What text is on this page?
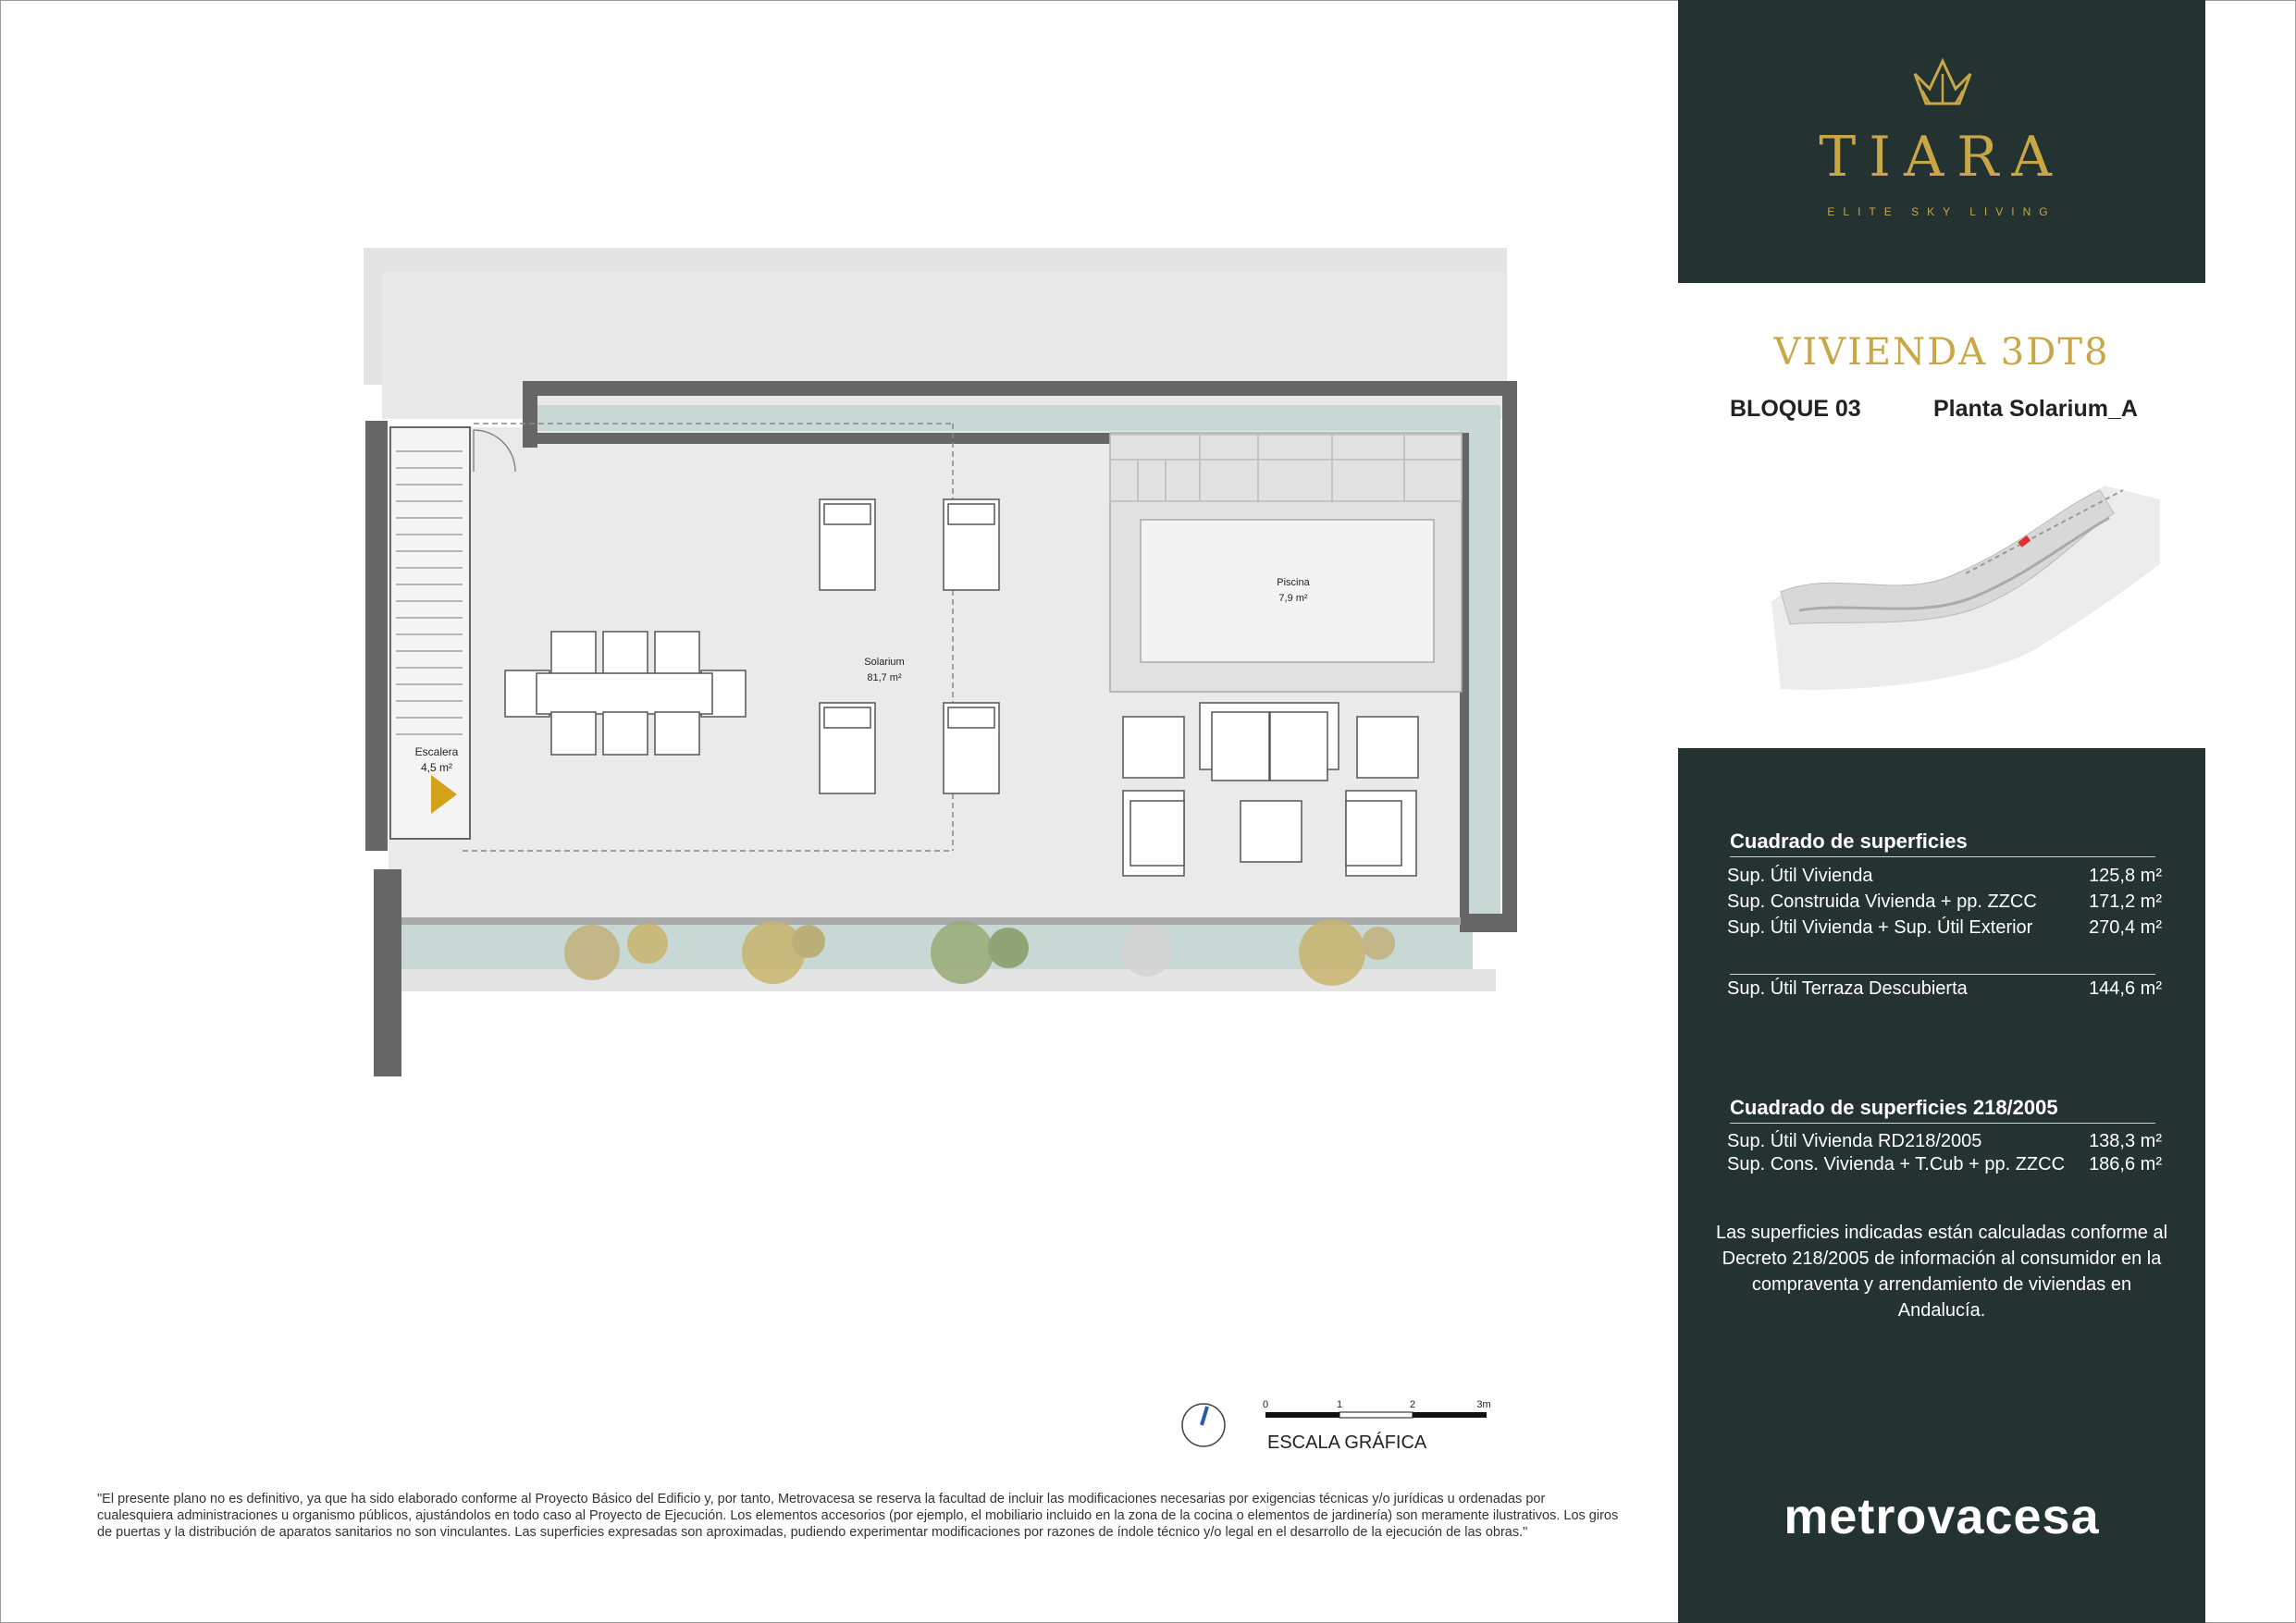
Escalera
4,5 m²
Piscina
7,9 m²
Solarium
81,7 m²
TIARA
ELITE SKY LIVING
VIVIENDA 3DT8
BLOQUE 03	Planta Solarium_A
Cuadrado de superficies
Sup. Útil Vivienda	125,8 m²
Sup. Construida Vivienda + pp. ZZCC	171,2 m²
Sup. Útil Vivienda + Sup. Útil Exterior	270,4 m²
Sup. Útil Terraza Descubierta	144,6 m²
Cuadrado de superficies 218/2005
Sup. Útil Vivienda RD218/2005	138,3 m²
Sup. Cons. Vivienda + T.Cub + pp. ZZCC 186,6 m²
Las superficies indicadas están calculadas conforme al Decreto 218/2005 de información al consumidor en la compraventa y arrendamiento de viviendas en Andalucía.
metrovacesa
0	1	2	3m
ESCALA GRÁFICA
"El presente plano no es definitivo, ya que ha sido elaborado conforme al Proyecto Básico del Edificio y, por tanto, Metrovacesa se reserva la facultad de incluir las modificaciones necesarias por exigencias técnicas y/o jurídicas u ordenadas por cualesquiera administraciones u organismo públicos, ajustándolos en todo caso al Proyecto de Ejecución. Los elementos accesorios (por ejemplo, el mobiliario incluido en la zona de la cocina o elementos de jardinería) son meramente ilustrativos. Los giros de puertas y la distribución de aparatos sanitarios no son vinculantes. Las superficies expresadas son aproximadas, pudiendo experimentar modificaciones por razones de índole técnico y/o legal en el desarrollo de la ejecución de las obras."
